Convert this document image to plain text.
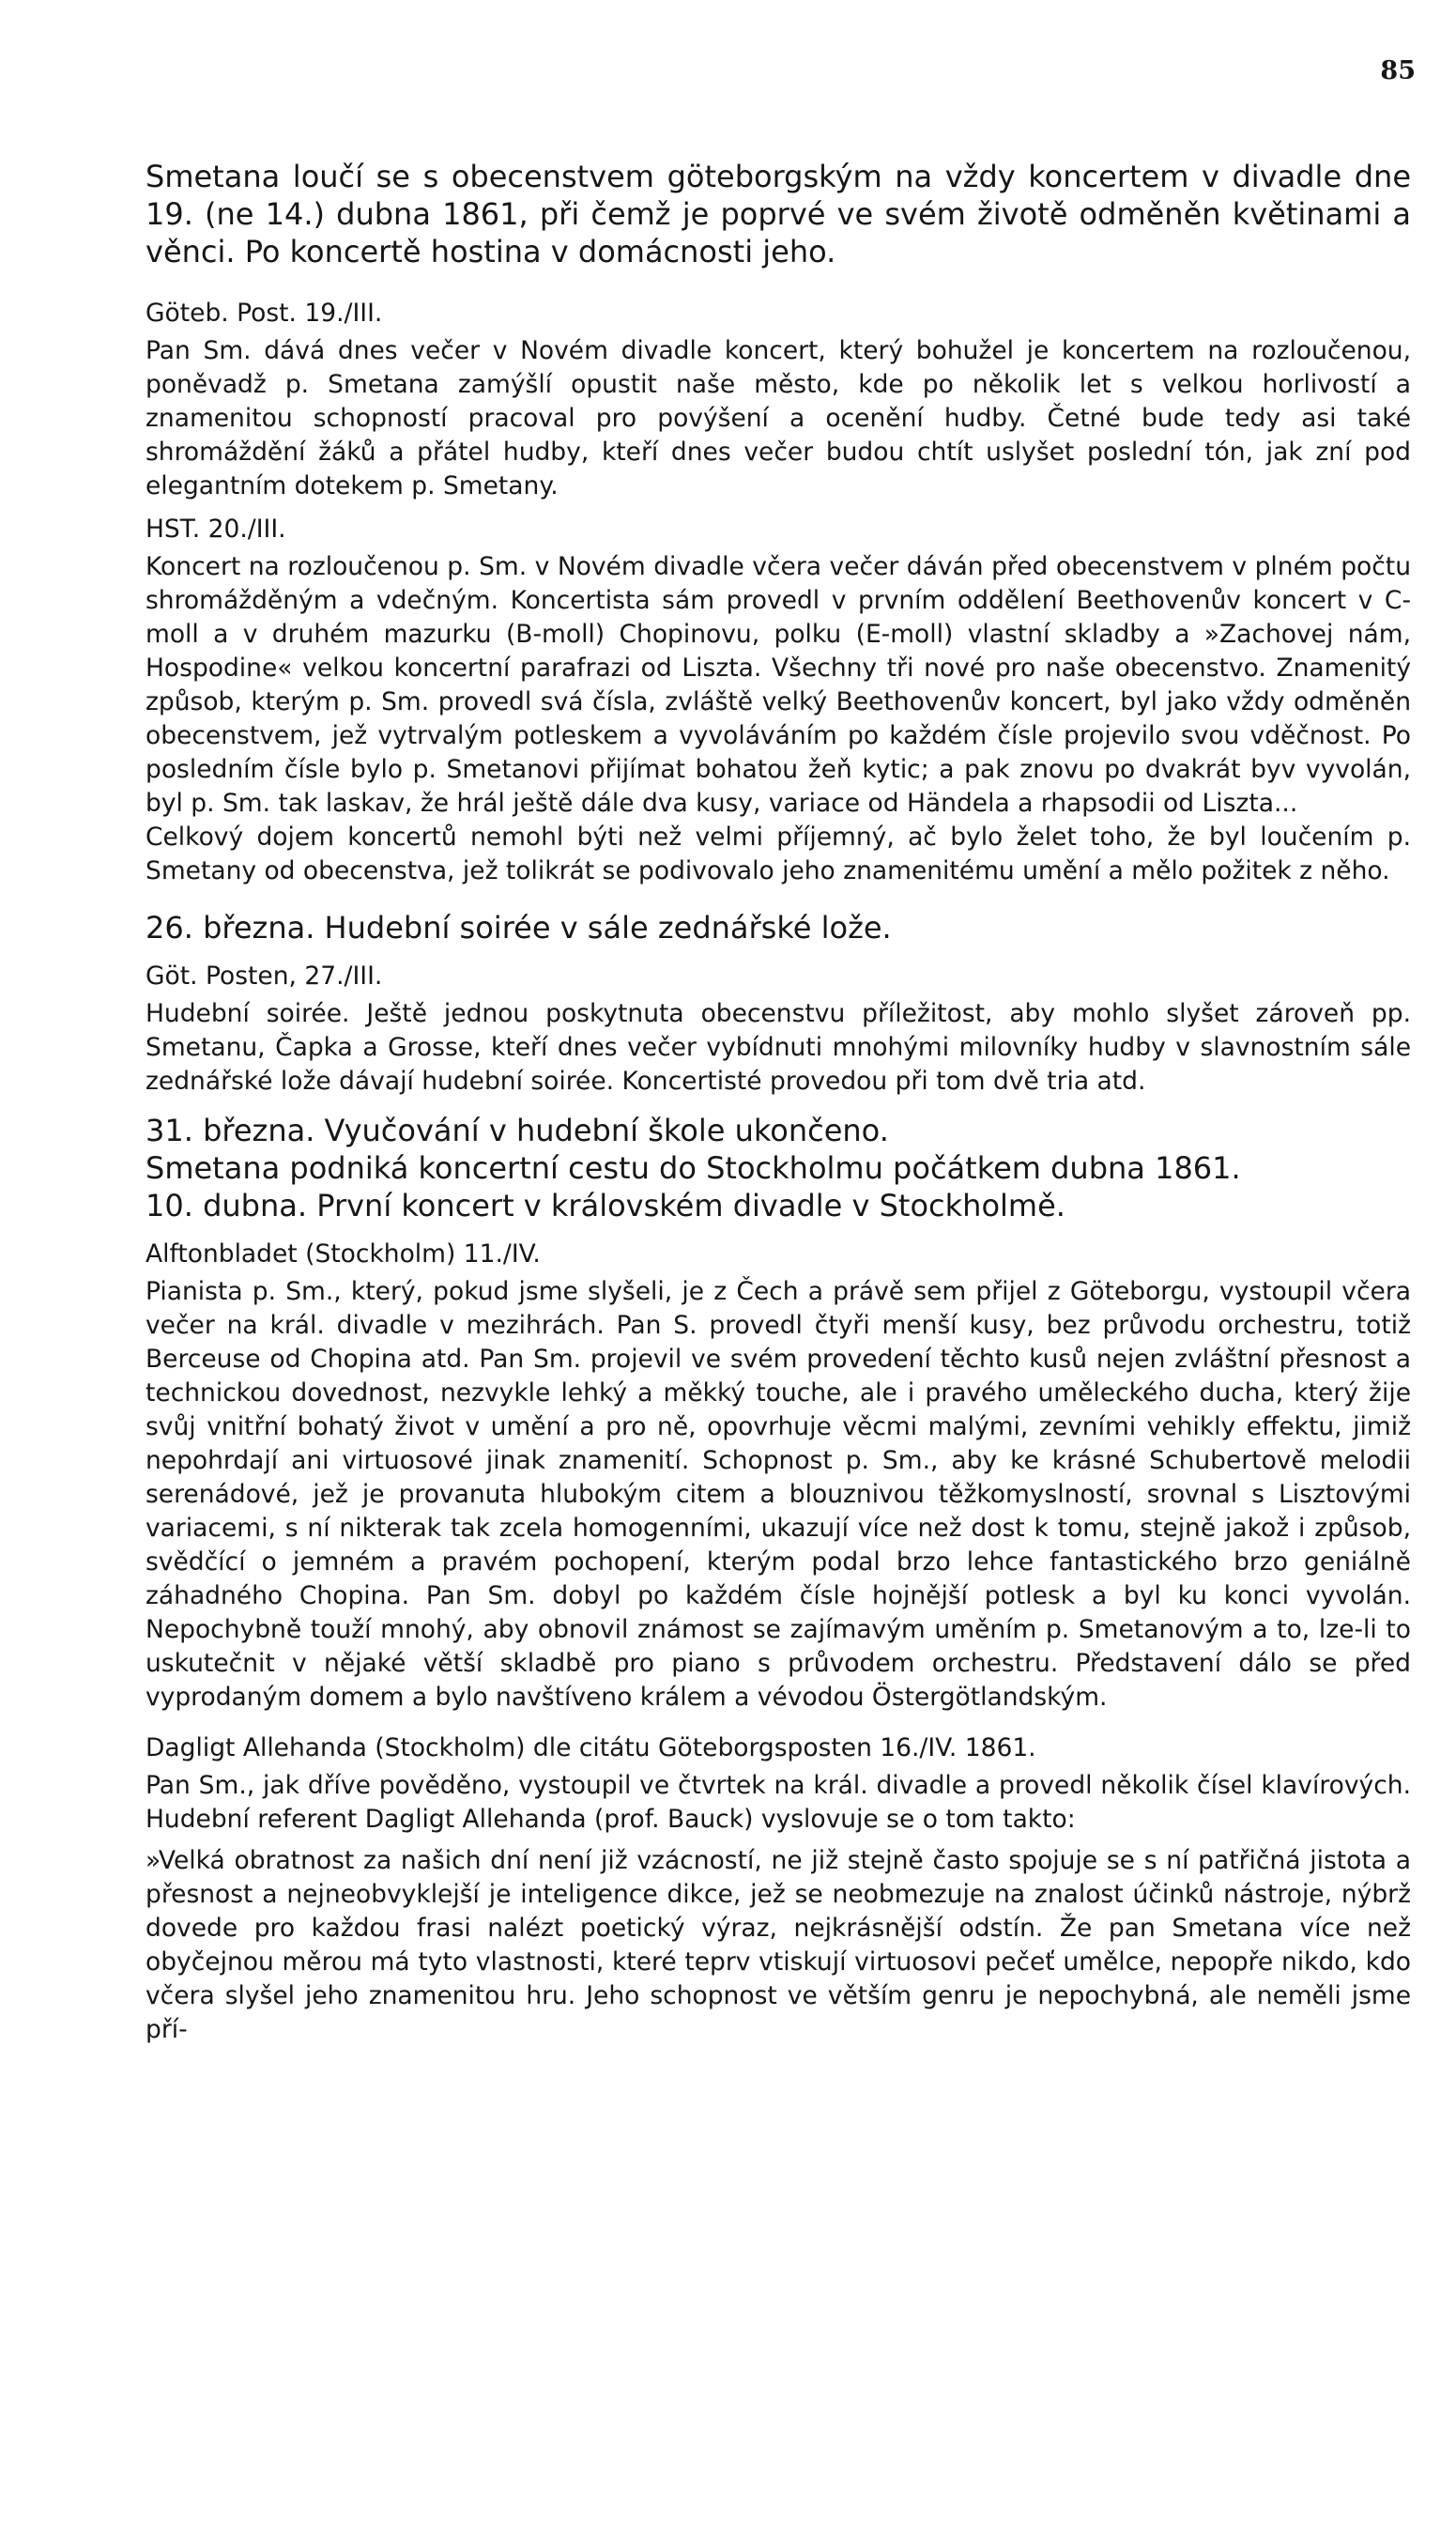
85

Smetana loučí se s obecenstvem göteborgským na vždy koncertem v divadle dne 19. (ne 14.) dubna 1861, při čemž je poprvé ve svém životě odměněn květinami a věnci. Po koncertě hostina v domácnosti jeho.

Göteb. Post. 19./III.

Pan Sm. dává dnes večer v Novém divadle koncert, který bohužel je koncertem na rozloučenou, poněvadž p. Smetana zamýšlí opustit naše město, kde po několik let s velkou horlivostí a znamenitou schopností pracoval pro povýšení a ocenění hudby. Četné bude tedy asi také shromáždění žáků a přátel hudby, kteří dnes večer budou chtít uslyšet poslední tón, jak zní pod elegantním dotekem p. Smetany.

HST. 20./III.

Koncert na rozloučenou p. Sm. v Novém divadle včera večer dáván před obecenstvem v plném počtu shromážděným a vdečným. Koncertista sám provedl v prvním oddělení Beethovenův koncert v C-moll a v druhém mazurku (B-moll) Chopinovu, polku (E-moll) vlastní skladby a »Zachovej nám, Hospodine« velkou koncertní parafrazi od Liszta. Všechny tři nové pro naše obecenstvo. Znamenitý způsob, kterým p. Sm. provedl svá čísla, zvláště velký Beethovenův koncert, byl jako vždy odměněn obecenstvem, jež vytrvalým potleskem a vyvoláváním po každém čísle projevilo svou vděčnost. Po posledním čísle bylo p. Smetanovi přijímat bohatou žeň kytic; a pak znovu po dvakrát byv vyvolán, byl p. Sm. tak laskav, že hrál ještě dále dva kusy, variace od Händela a rhapsodii od Liszta...

Celkový dojem koncertů nemohl býti než velmi příjemný, ač bylo želet toho, že byl loučením p. Smetany od obecenstva, jež tolikrát se podivovalo jeho znamenitému umění a mělo požitek z něho.

26. března. Hudební soirée v sále zednářské lože.

Göt. Posten, 27./III.

Hudební soirée. Ještě jednou poskytnuta obecenstvu příležitost, aby mohlo slyšet zároveň pp. Smetanu, Čapka a Grosse, kteří dnes večer vybídnuti mnohými milovníky hudby v slavnostním sále zednářské lože dávají hudební soirée. Koncertisté provedou při tom dvě tria atd.

31. března. Vyučování v hudební škole ukončeno.

Smetana podniká koncertní cestu do Stockholmu počátkem dubna 1861.

10. dubna. První koncert v královském divadle v Stockholmě.

Alftonbladet (Stockholm) 11./IV.

Pianista p. Sm., který, pokud jsme slyšeli, je z Čech a právě sem přijel z Göteborgu, vystoupil včera večer na král. divadle v mezihrách. Pan S. provedl čtyři menší kusy, bez průvodu orchestru, totiž Berceuse od Chopina atd. Pan Sm. projevil ve svém provedení těchto kusů nejen zvláštní přesnost a technickou dovednost, nezvykle lehký a měkký touche, ale i pravého uměleckého ducha, který žije svůj vnitřní bohatý život v umění a pro ně, opovrhuje věcmi malými, zevními vehikly effektu, jimiž nepohrdají ani virtuosové jinak znamenití. Schopnost p. Sm., aby ke krásné Schubertově melodii serenádové, jež je provanuta hlubokým citem a blouznivou těžkomyslností, srovnal s Lisztovými variacemi, s ní nikterak tak zcela homogenními, ukazují více než dost k tomu, stejně jakož i způsob, svědčící o jemném a pravém pochopení, kterým podal brzo lehce fantastického brzo geniálně záhadného Chopina. Pan Sm. dobyl po každém čísle hojnější potlesk a byl ku konci vyvolán. Nepochybně touží mnohý, aby obnovil známost se zajímavým uměním p. Smetanovým a to, lze-li to uskutečnit v nějaké větší skladbě pro piano s průvodem orchestru. Představení dálo se před vyprodaným domem a bylo navštíveno králem a vévodou Östergötlandským.

Dagligt Allehanda (Stockholm) dle citátu Göteborgsposten 16./IV. 1861.

Pan Sm., jak dříve pověděno, vystoupil ve čtvrtek na král. divadle a provedl několik čísel klavírových. Hudební referent Dagligt Allehanda (prof. Bauck) vyslovuje se o tom takto:

»Velká obratnost za našich dní není již vzácností, ne již stejně často spojuje se s ní patřičná jistota a přesnost a nejneobvyklejší je inteligence dikce, jež se neobmezuje na znalost účinků nástroje, nýbrž dovede pro každou frasi nalézt poetický výraz, nejkrásnější odstín. Že pan Smetana více než obyčejnou měrou má tyto vlastnosti, které teprv vtiskují virtuosovi pečeť umělce, nepopře nikdo, kdo včera slyšel jeho znamenitou hru. Jeho schopnost ve větším genru je nepochybná, ale neměli jsme pří-
